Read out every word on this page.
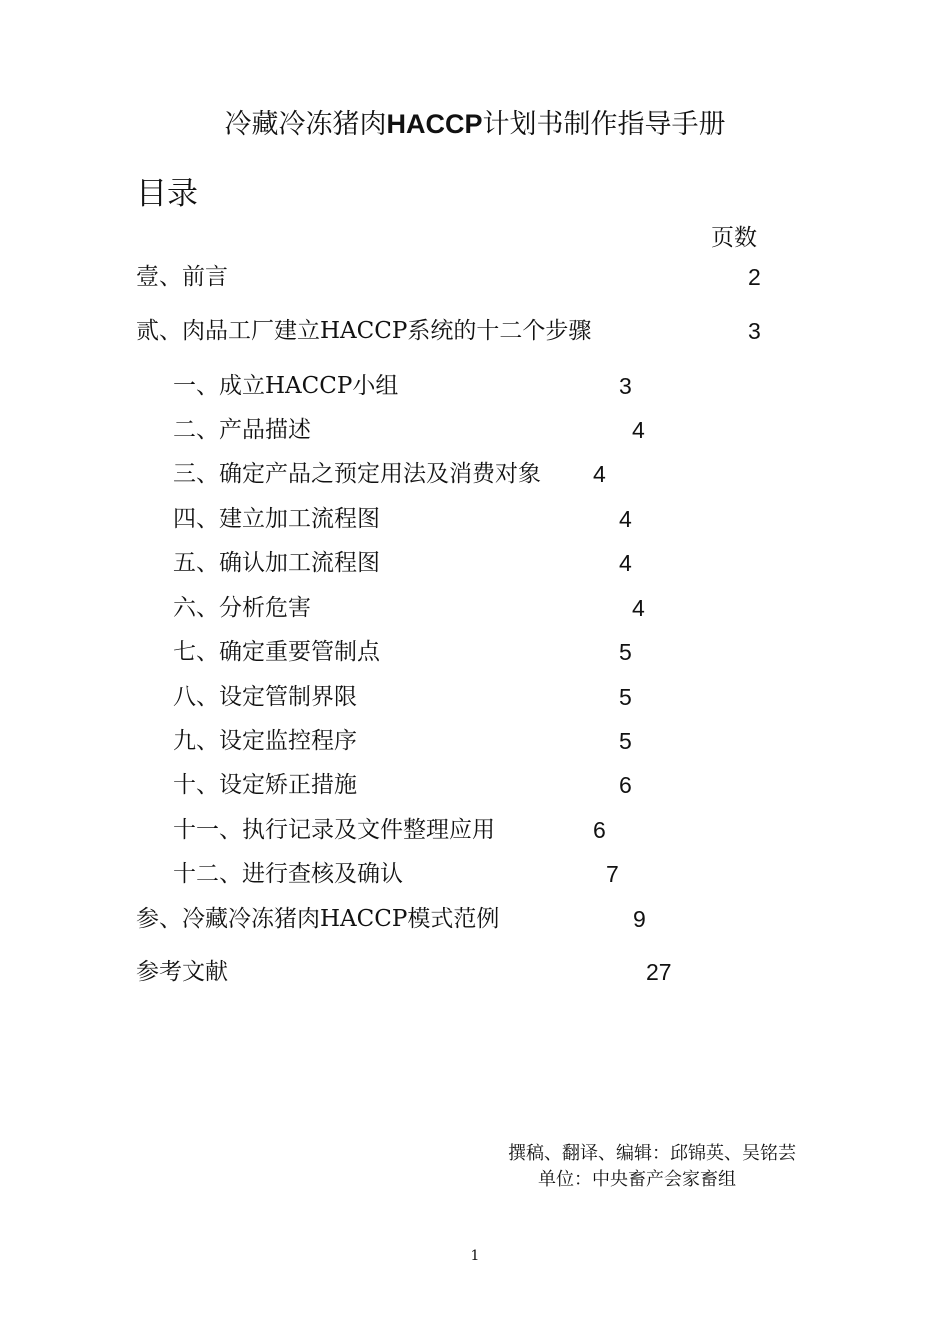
冷藏冷冻猪肉HACCP计划书制作指导手册
目录
页数
壹、前言	2
贰、肉品工厂建立HACCP系统的十二个步骤	3
一、成立HACCP小组	3
二、产品描述	4
三、确定产品之预定用法及消费对象 4
四、建立加工流程图	4
五、确认加工流程图	4
六、分析危害	4
七、确定重要管制点	5
八、设定管制界限	5
九、设定监控程序	5
十、设定矫正措施	6
十一、执行记录及文件整理应用	6
十二、进行查核及确认	7
参、冷藏冷冻猪肉HACCP模式范例	9
参考文献	27
撰稿、翻译、编辑：邱锦英、吴铭芸
单位：中央畜产会家畜组
1
